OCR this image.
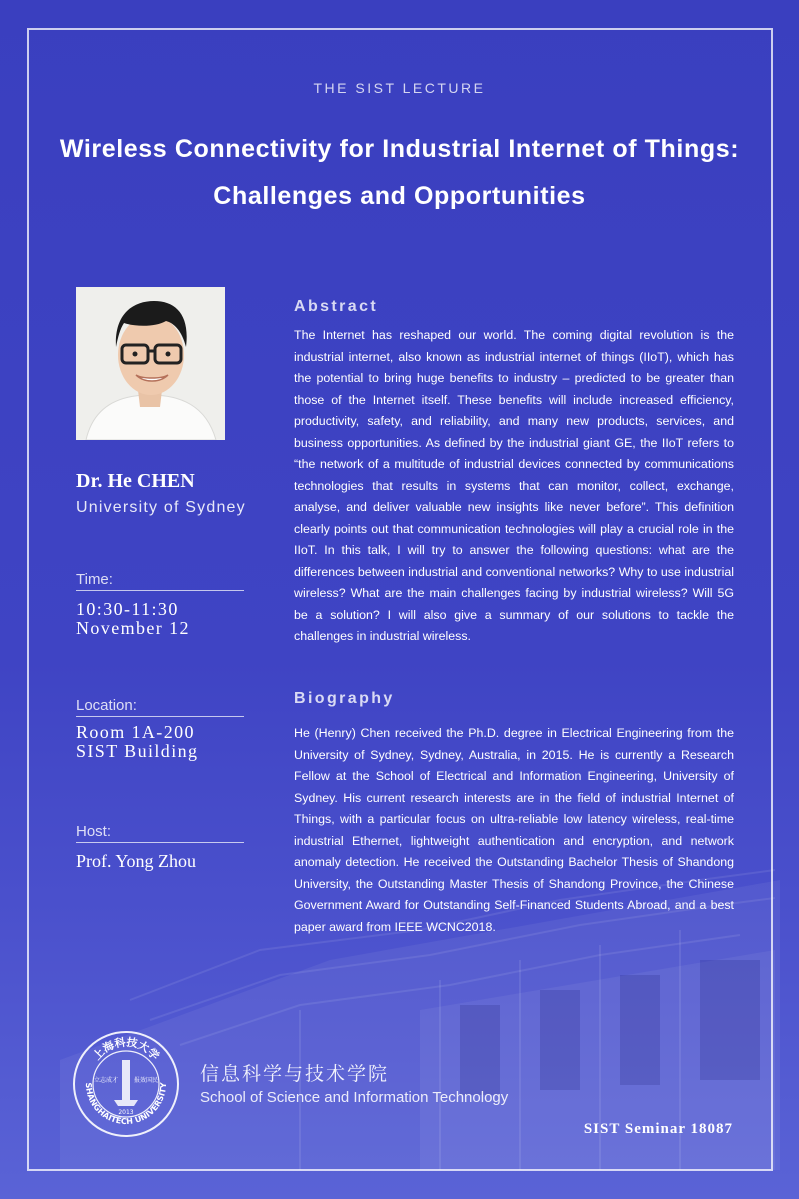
THE SIST LECTURE
Wireless Connectivity for Industrial Internet of Things:
Challenges and Opportunities
Dr. He CHEN
University of Sydney
Time:
10:30-11:30
November 12
Location:
Room 1A-200
SIST Building
Host:
Prof. Yong Zhou
Abstract

The Internet has reshaped our world. The coming digital revolution is the industrial internet, also known as industrial internet of things (IIoT), which has the potential to bring huge benefits to industry – predicted to be greater than those of the Internet itself. These benefits will include increased efficiency, productivity, safety, and reliability, and many new products, services, and business opportunities. As defined by the industrial giant GE, the IIoT refers to “the network of a multitude of industrial devices connected by communications technologies that results in systems that can monitor, collect, exchange, analyse, and deliver valuable new insights like never before”. This definition clearly points out that communication technologies will play a crucial role in the IIoT. In this talk, I will try to answer the following questions: what are the differences between industrial and conventional networks? Why to use industrial wireless? What are the main challenges facing by industrial wireless? Will 5G be a solution? I will also give a summary of our solutions to tackle the challenges in industrial wireless.

Biography

He (Henry) Chen received the Ph.D. degree in Electrical Engineering from the University of Sydney, Sydney, Australia, in 2015. He is currently a Research Fellow at the School of Electrical and Information Engineering, University of Sydney. His current research interests are in the field of industrial Internet of Things, with a particular focus on ultra-reliable low latency wireless, real-time industrial Ethernet, lightweight authentication and encryption, and network anomaly detection. He received the Outstanding Bachelor Thesis of Shandong University, the Outstanding Master Thesis of Shandong Province, the Chinese Government Award for Outstanding Self-Financed Students Abroad, and a best paper award from IEEE WCNC2018.

上海科技大学
SHANGHAITECH UNIVERSITY
立志成才	报效国民
2013
信息科学与技术学院
School of Science and Information Technology
SIST Seminar 18087
